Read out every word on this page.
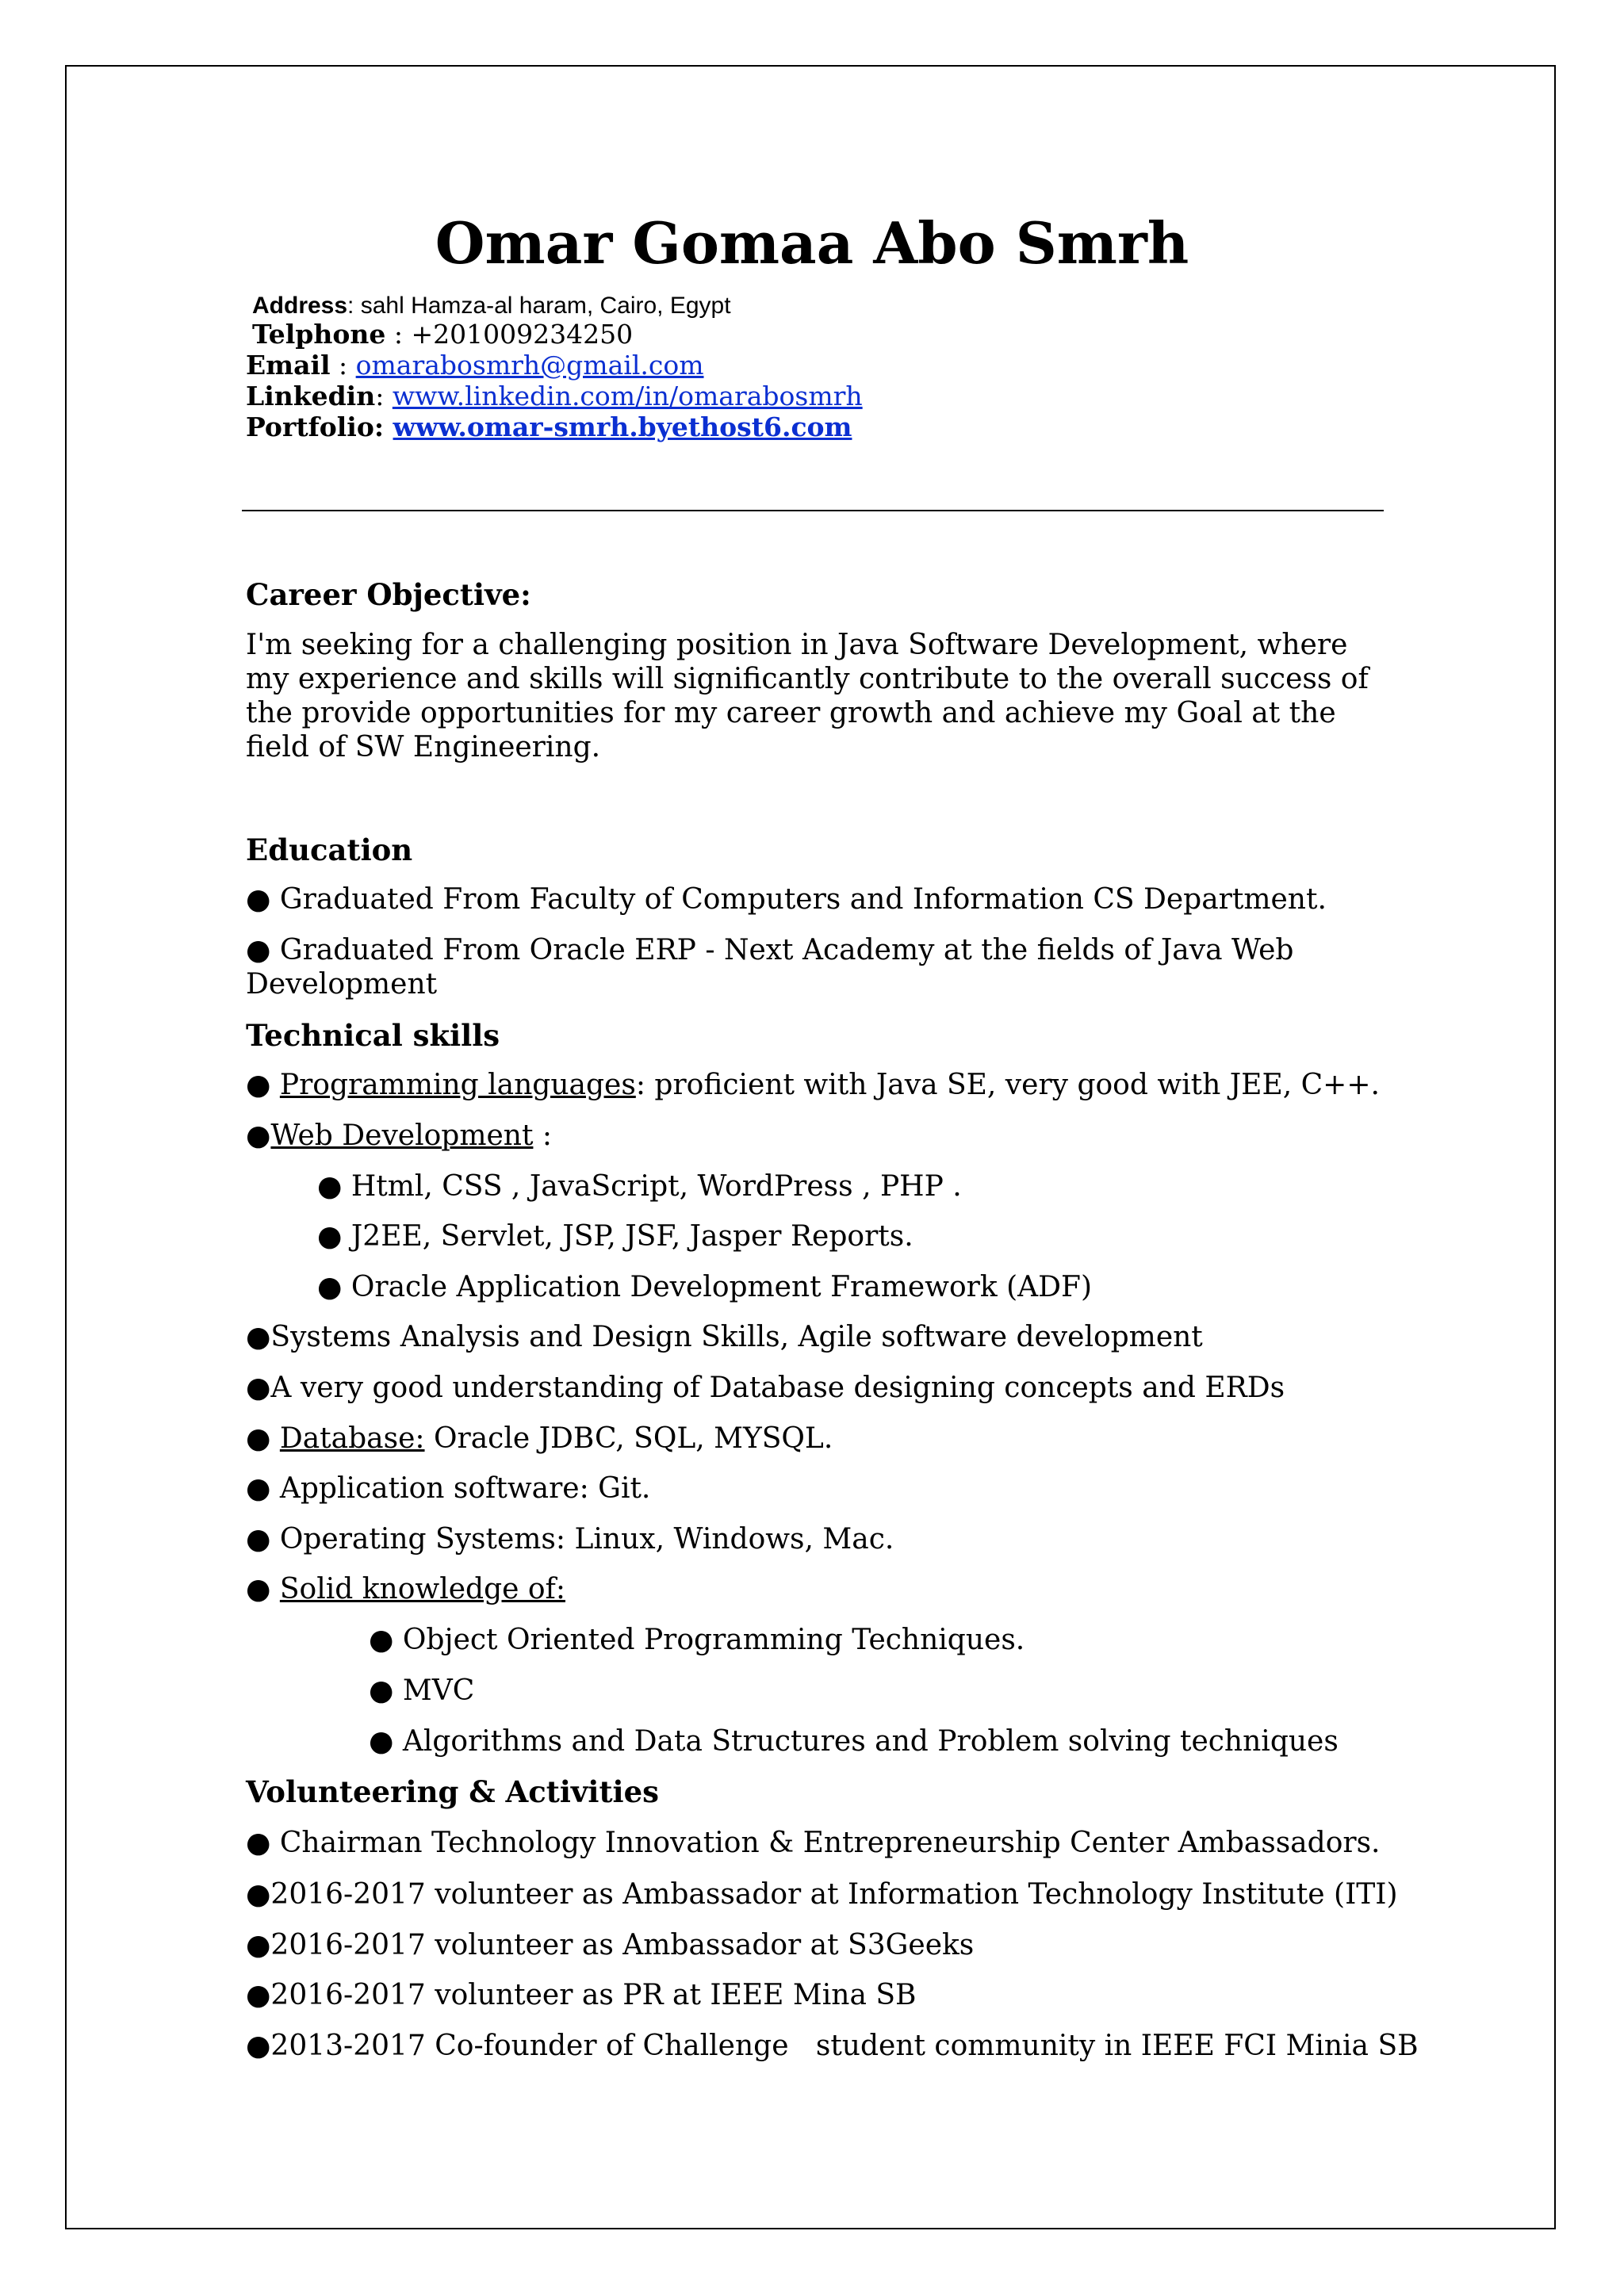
Omar Gomaa Abo Smrh
Address: sahl Hamza-al haram, Cairo, Egypt
Telphone : +201009234250
Email : omarabosmrh@gmail.com
Linkedin: www.linkedin.com/in/omarabosmrh
Portfolio: www.omar-smrh.byethost6.com
Career Objective:
I'm seeking for a challenging position in Java Software Development, where my experience and skills will significantly contribute to the overall success of the provide opportunities for my career growth and achieve my Goal at the field of SW Engineering.
Education
● Graduated From Faculty of Computers and Information CS Department.
● Graduated From Oracle ERP - Next Academy at the fields of Java Web
Development
Technical skills
● Programming languages: proficient with Java SE, very good with JEE, C++.
●Web Development :
● Html, CSS , JavaScript, WordPress , PHP .
● J2EE, Servlet, JSP, JSF, Jasper Reports.
● Oracle Application Development Framework (ADF)
●Systems Analysis and Design Skills, Agile software development
●A very good understanding of Database designing concepts and ERDs
● Database: Oracle JDBC, SQL, MYSQL.
● Application software: Git.
● Operating Systems: Linux, Windows, Mac.
● Solid knowledge of:
● Object Oriented Programming Techniques.
● MVC
● Algorithms and Data Structures and Problem solving techniques
Volunteering & Activities
● Chairman Technology Innovation & Entrepreneurship Center Ambassadors.
●2016-2017 volunteer as Ambassador at Information Technology Institute (ITI)
●2016-2017 volunteer as Ambassador at S3Geeks
●2016-2017 volunteer as PR at IEEE Mina SB
●2013-2017 Co-founder of Challenge   student community in IEEE FCI Minia SB
